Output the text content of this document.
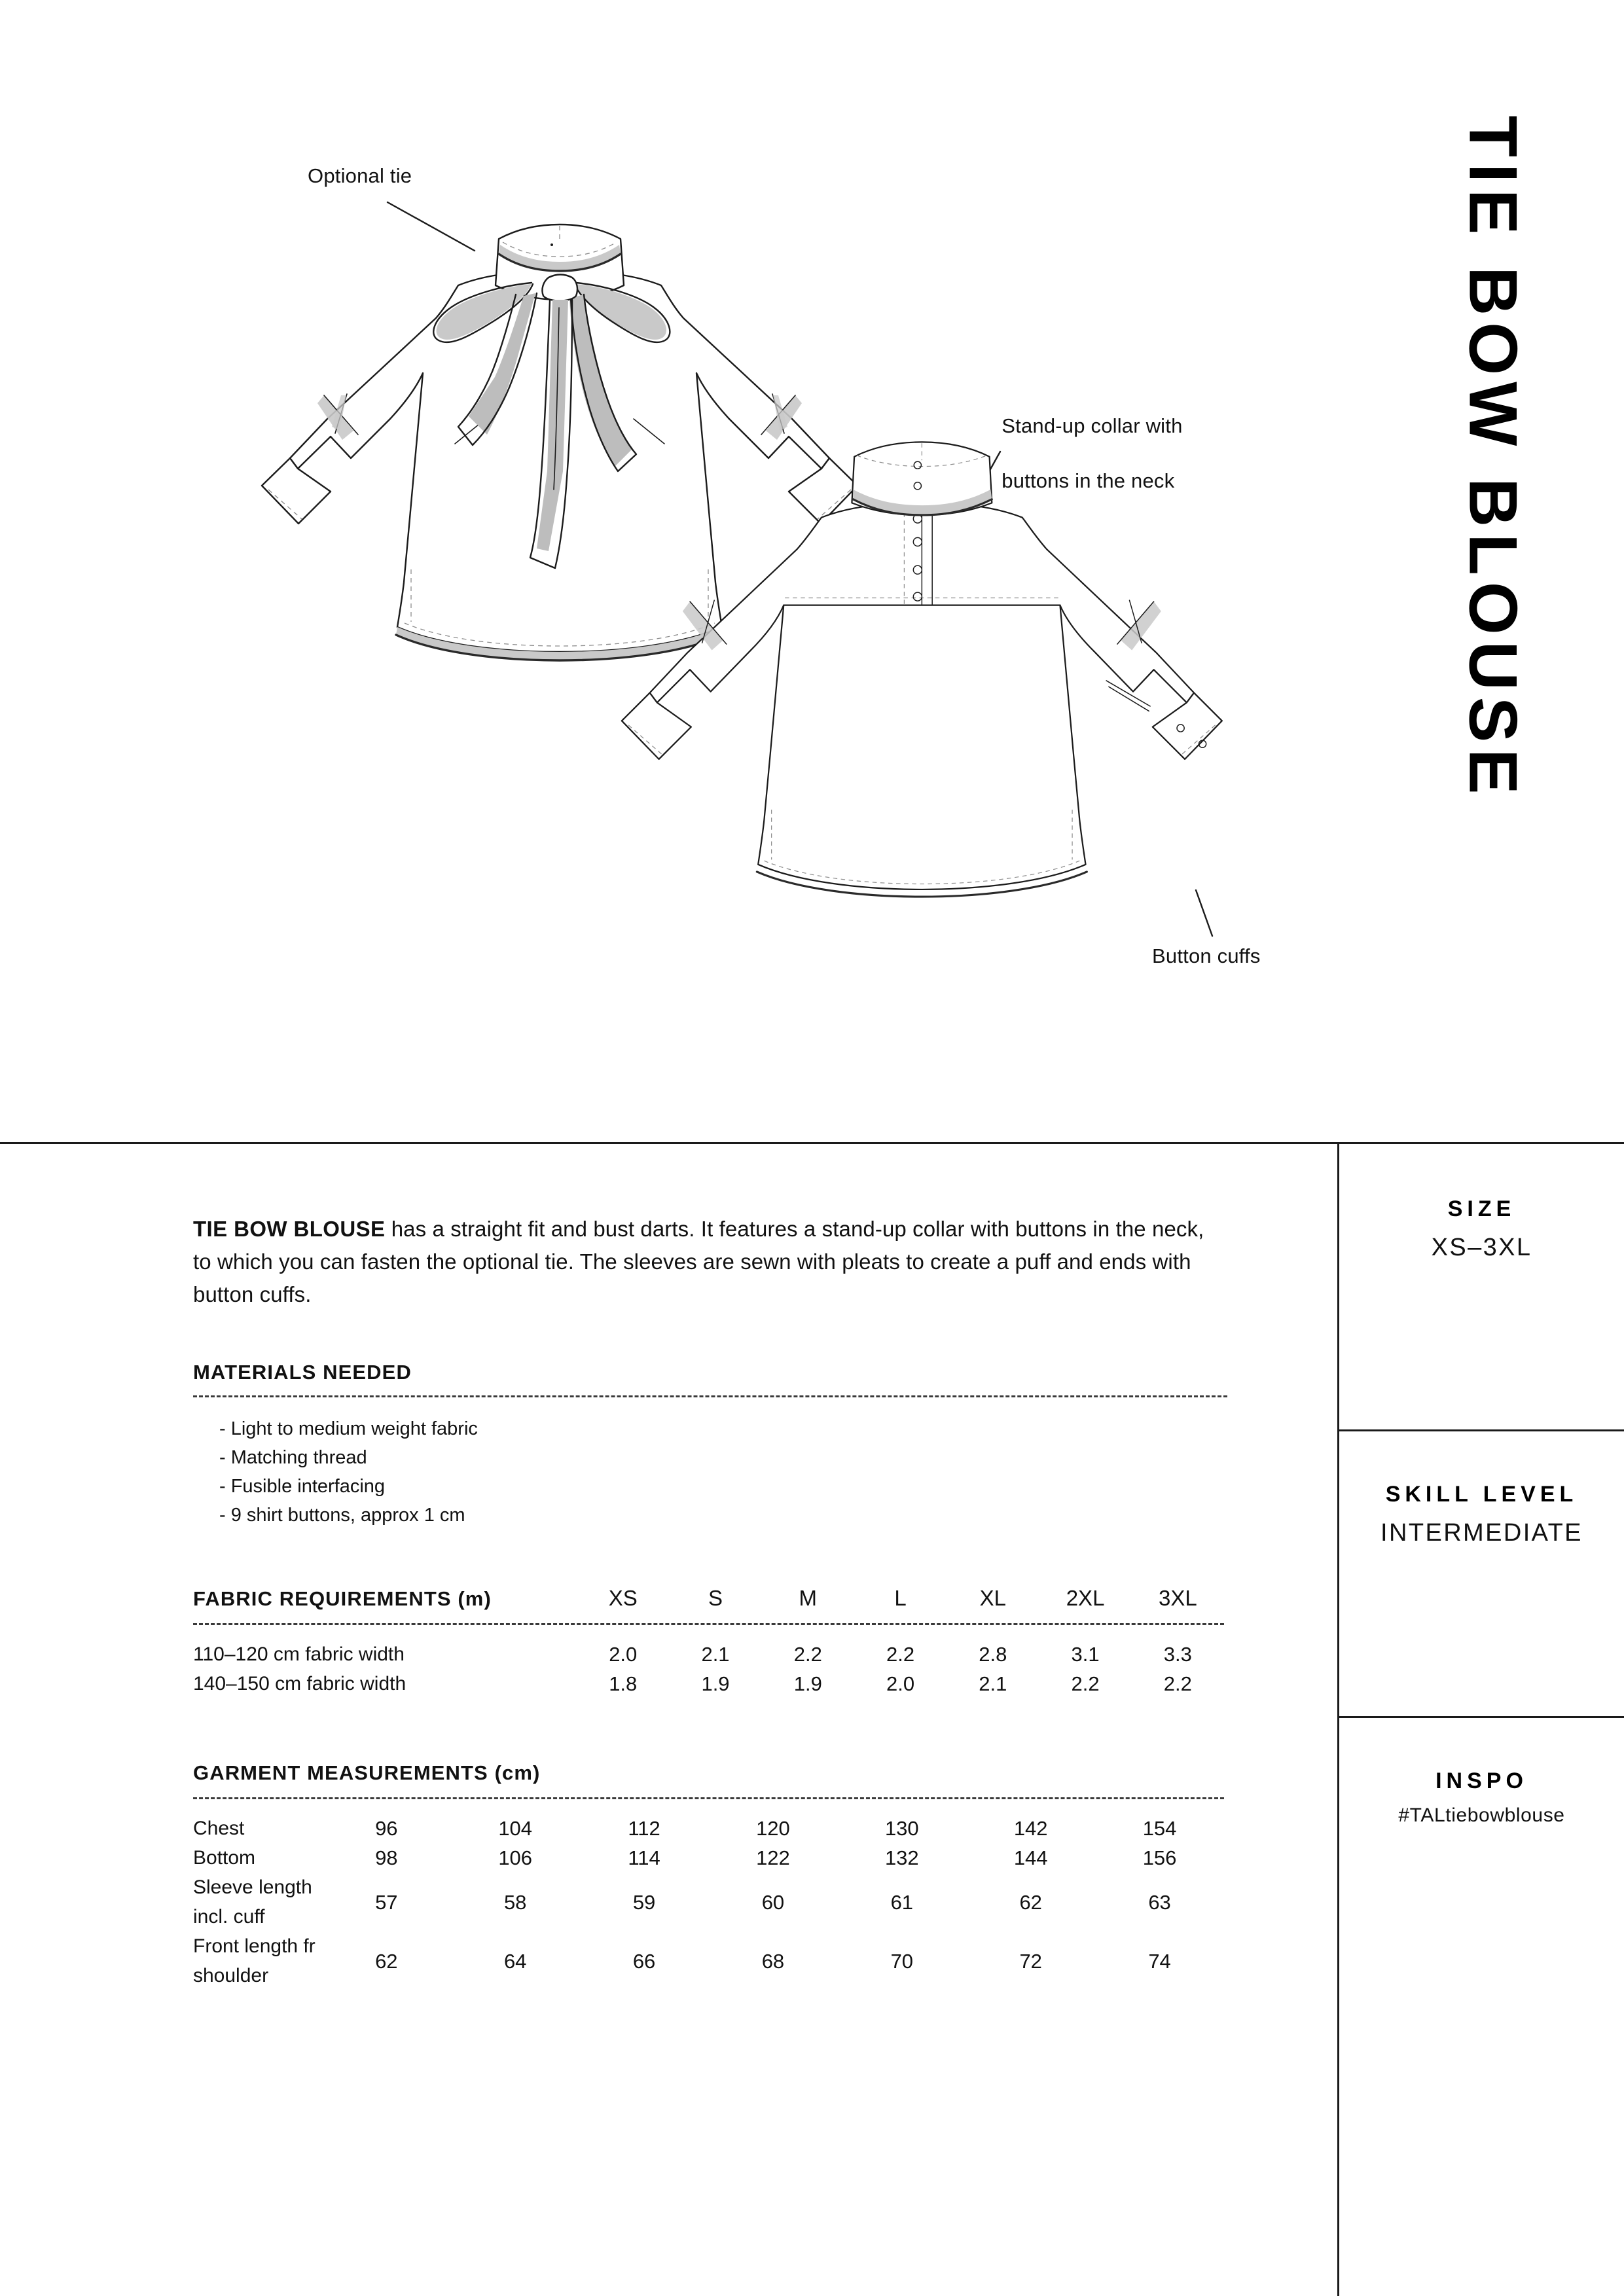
Optional tie

Stand-up collar with

buttons in the neck

Button cuffs
TIE BOW BLOUSE

TIE BOW BLOUSE has a straight fit and bust darts. It features a stand-up collar with buttons in the neck, to which you can fasten the optional tie. The sleeves are sewn with pleats to create a puff and ends with button cuffs.

MATERIALS NEEDED
- Light to medium weight fabric
- Matching thread
- Fusible interfacing
- 9 shirt buttons, approx 1 cm
FABRIC REQUIREMENTS (m)	XS	S	M	L	XL	2XL	3XL

110–120 cm fabric width	2.0	2.1	2.2	2.2	2.8	3.1	3.3
140–150 cm fabric width	1.8	1.9	1.9	2.0	2.1	2.2	2.2
GARMENT MEASUREMENTS (cm)							

Chest	96	104	112	120	130	142	154
Bottom	98	106	114	122	132	144	156
Sleeve length incl. cuff	57	58	59	60	61	62	63
Front length fr shoulder	62	64	66	68	70	72	74
SIZE
XS–3XL
SKILL LEVEL
INTERMEDIATE
INSPO
#TALtiebowblouse
